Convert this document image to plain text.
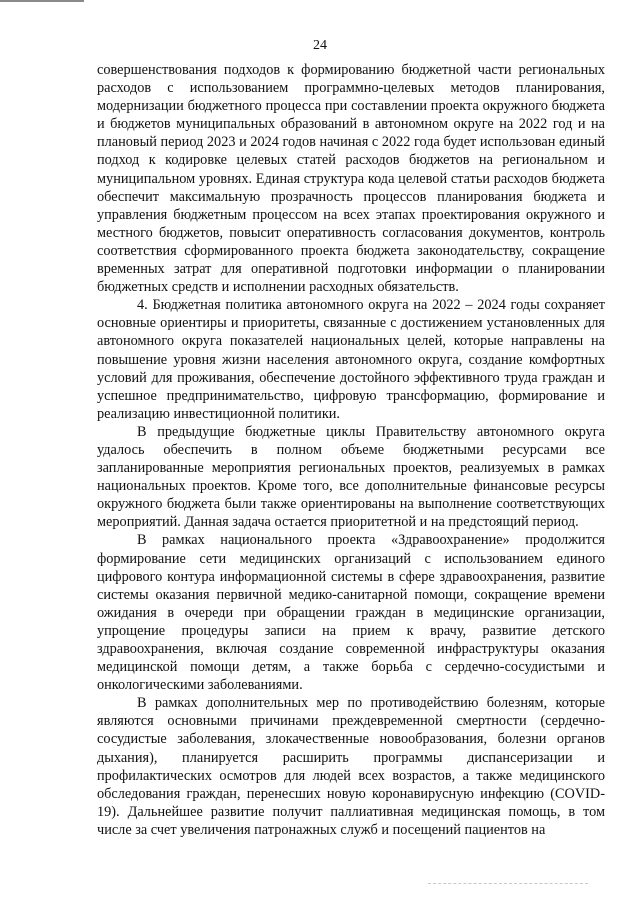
24

совершенствования подходов к формированию бюджетной части региональных расходов с использованием программно-целевых методов планирования, модернизации бюджетного процесса при составлении проекта окружного бюджета и бюджетов муниципальных образований в автономном округе на 2022 год и на плановый период 2023 и 2024 годов начиная с 2022 года будет использован единый подход к кодировке целевых статей расходов бюджетов на региональном и муниципальном уровнях. Единая структура кода целевой статьи расходов бюджета обеспечит максимальную прозрачность процессов планирования бюджета и управления бюджетным процессом на всех этапах проектирования окружного и местного бюджетов, повысит оперативность согласования документов, контроль соответствия сформированного проекта бюджета законодательству, сокращение временных затрат для оперативной подготовки информации о планировании бюджетных средств и исполнении расходных обязательств.

4. Бюджетная политика автономного округа на 2022 – 2024 годы сохраняет основные ориентиры и приоритеты, связанные с достижением установленных для автономного округа показателей национальных целей, которые направлены на повышение уровня жизни населения автономного округа, создание комфортных условий для проживания, обеспечение достойного эффективного труда граждан и успешное предпринимательство, цифровую трансформацию, формирование и реализацию инвестиционной политики.

В предыдущие бюджетные циклы Правительству автономного округа удалось обеспечить в полном объеме бюджетными ресурсами все запланированные мероприятия региональных проектов, реализуемых в рамках национальных проектов. Кроме того, все дополнительные финансовые ресурсы окружного бюджета были также ориентированы на выполнение соответствующих мероприятий. Данная задача остается приоритетной и на предстоящий период.

В рамках национального проекта «Здравоохранение» продолжится формирование сети медицинских организаций с использованием единого цифрового контура информационной системы в сфере здравоохранения, развитие системы оказания первичной медико-санитарной помощи, сокращение времени ожидания в очереди при обращении граждан в медицинские организации, упрощение процедуры записи на прием к врачу, развитие детского здравоохранения, включая создание современной инфраструктуры оказания медицинской помощи детям, а также борьба с сердечно-сосудистыми и онкологическими заболеваниями.

В рамках дополнительных мер по противодействию болезням, которые являются основными причинами преждевременной смертности (сердечно-сосудистые заболевания, злокачественные новообразования, болезни органов дыхания), планируется расширить программы диспансеризации и профилактических осмотров для людей всех возрастов, а также медицинского обследования граждан, перенесших новую коронавирусную инфекцию (COVID-19). Дальнейшее развитие получит паллиативная медицинская помощь, в том числе за счет увеличения патронажных служб и посещений пациентов на
